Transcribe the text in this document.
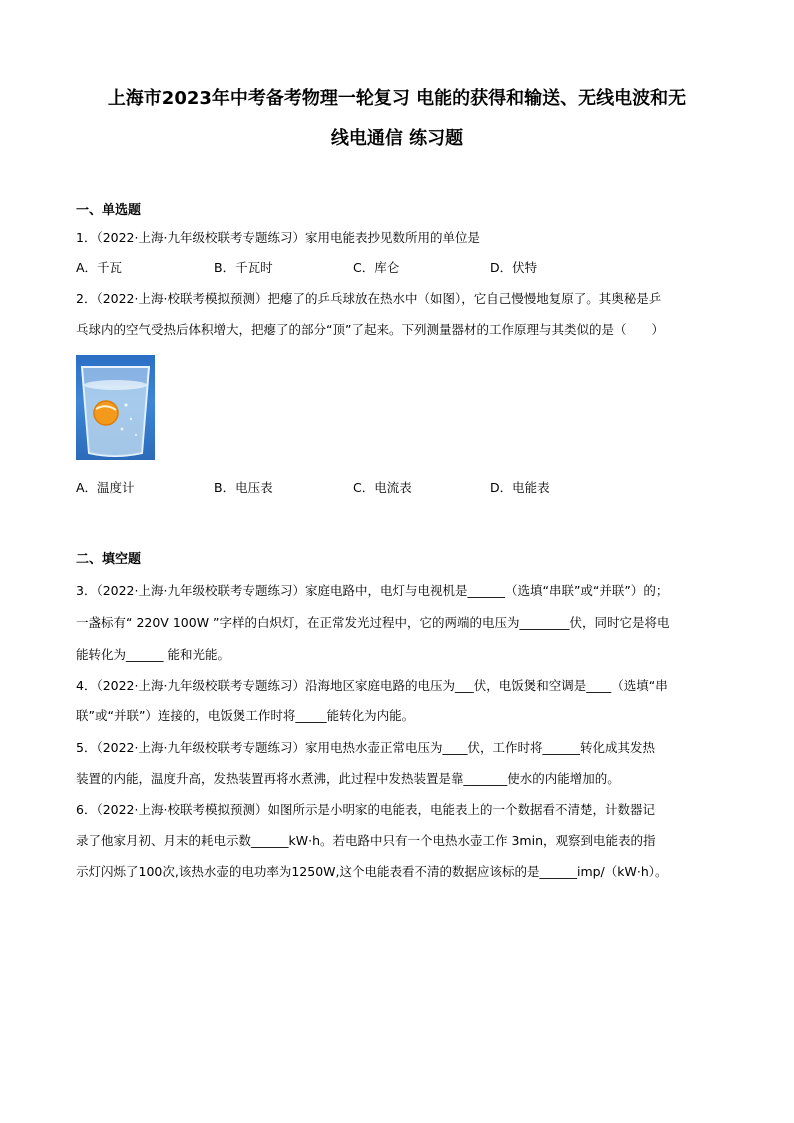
上海市2023年中考备考物理一轮复习 电能的获得和输送、无线电波和无
线电通信 练习题
一、单选题
1．（2022·上海·九年级校联考专题练习）家用电能表抄见数所用的单位是
A．千瓦	B．千瓦时	C．库仑	D．伏特
2．（2022·上海·校联考模拟预测）把瘪了的乒乓球放在热水中（如图），它自己慢慢地复原了。其奥秘是乒
乓球内的空气受热后体积增大，把瘪了的部分“顶”了起来。下列测量器材的工作原理与其类似的是（　　）
A．温度计	B．电压表	C．电流表	D．电能表
二、填空题
3．（2022·上海·九年级校联考专题练习）家庭电路中，电灯与电视机是______（选填“串联”或“并联”）的；
一盏标有“ 220V 100W ”字样的白炽灯，在正常发光过程中，它的两端的电压为________伏，同时它是将电
能转化为______ 能和光能。
4．（2022·上海·九年级校联考专题练习）沿海地区家庭电路的电压为___伏，电饭煲和空调是____（选填“串
联”或“并联”）连接的，电饭煲工作时将_____能转化为内能。
5．（2022·上海·九年级校联考专题练习）家用电热水壶正常电压为____伏，工作时将______转化成其发热
装置的内能，温度升高，发热装置再将水煮沸，此过程中发热装置是靠_______使水的内能增加的。
6．（2022·上海·校联考模拟预测）如图所示是小明家的电能表，电能表上的一个数据看不清楚，计数器记
录了他家月初、月末的耗电示数______kW·h。若电路中只有一个电热水壶工作 3min，观察到电能表的指
示灯闪烁了100次,该热水壶的电功率为1250W,这个电能表看不清的数据应该标的是______imp/（kW·h）。
